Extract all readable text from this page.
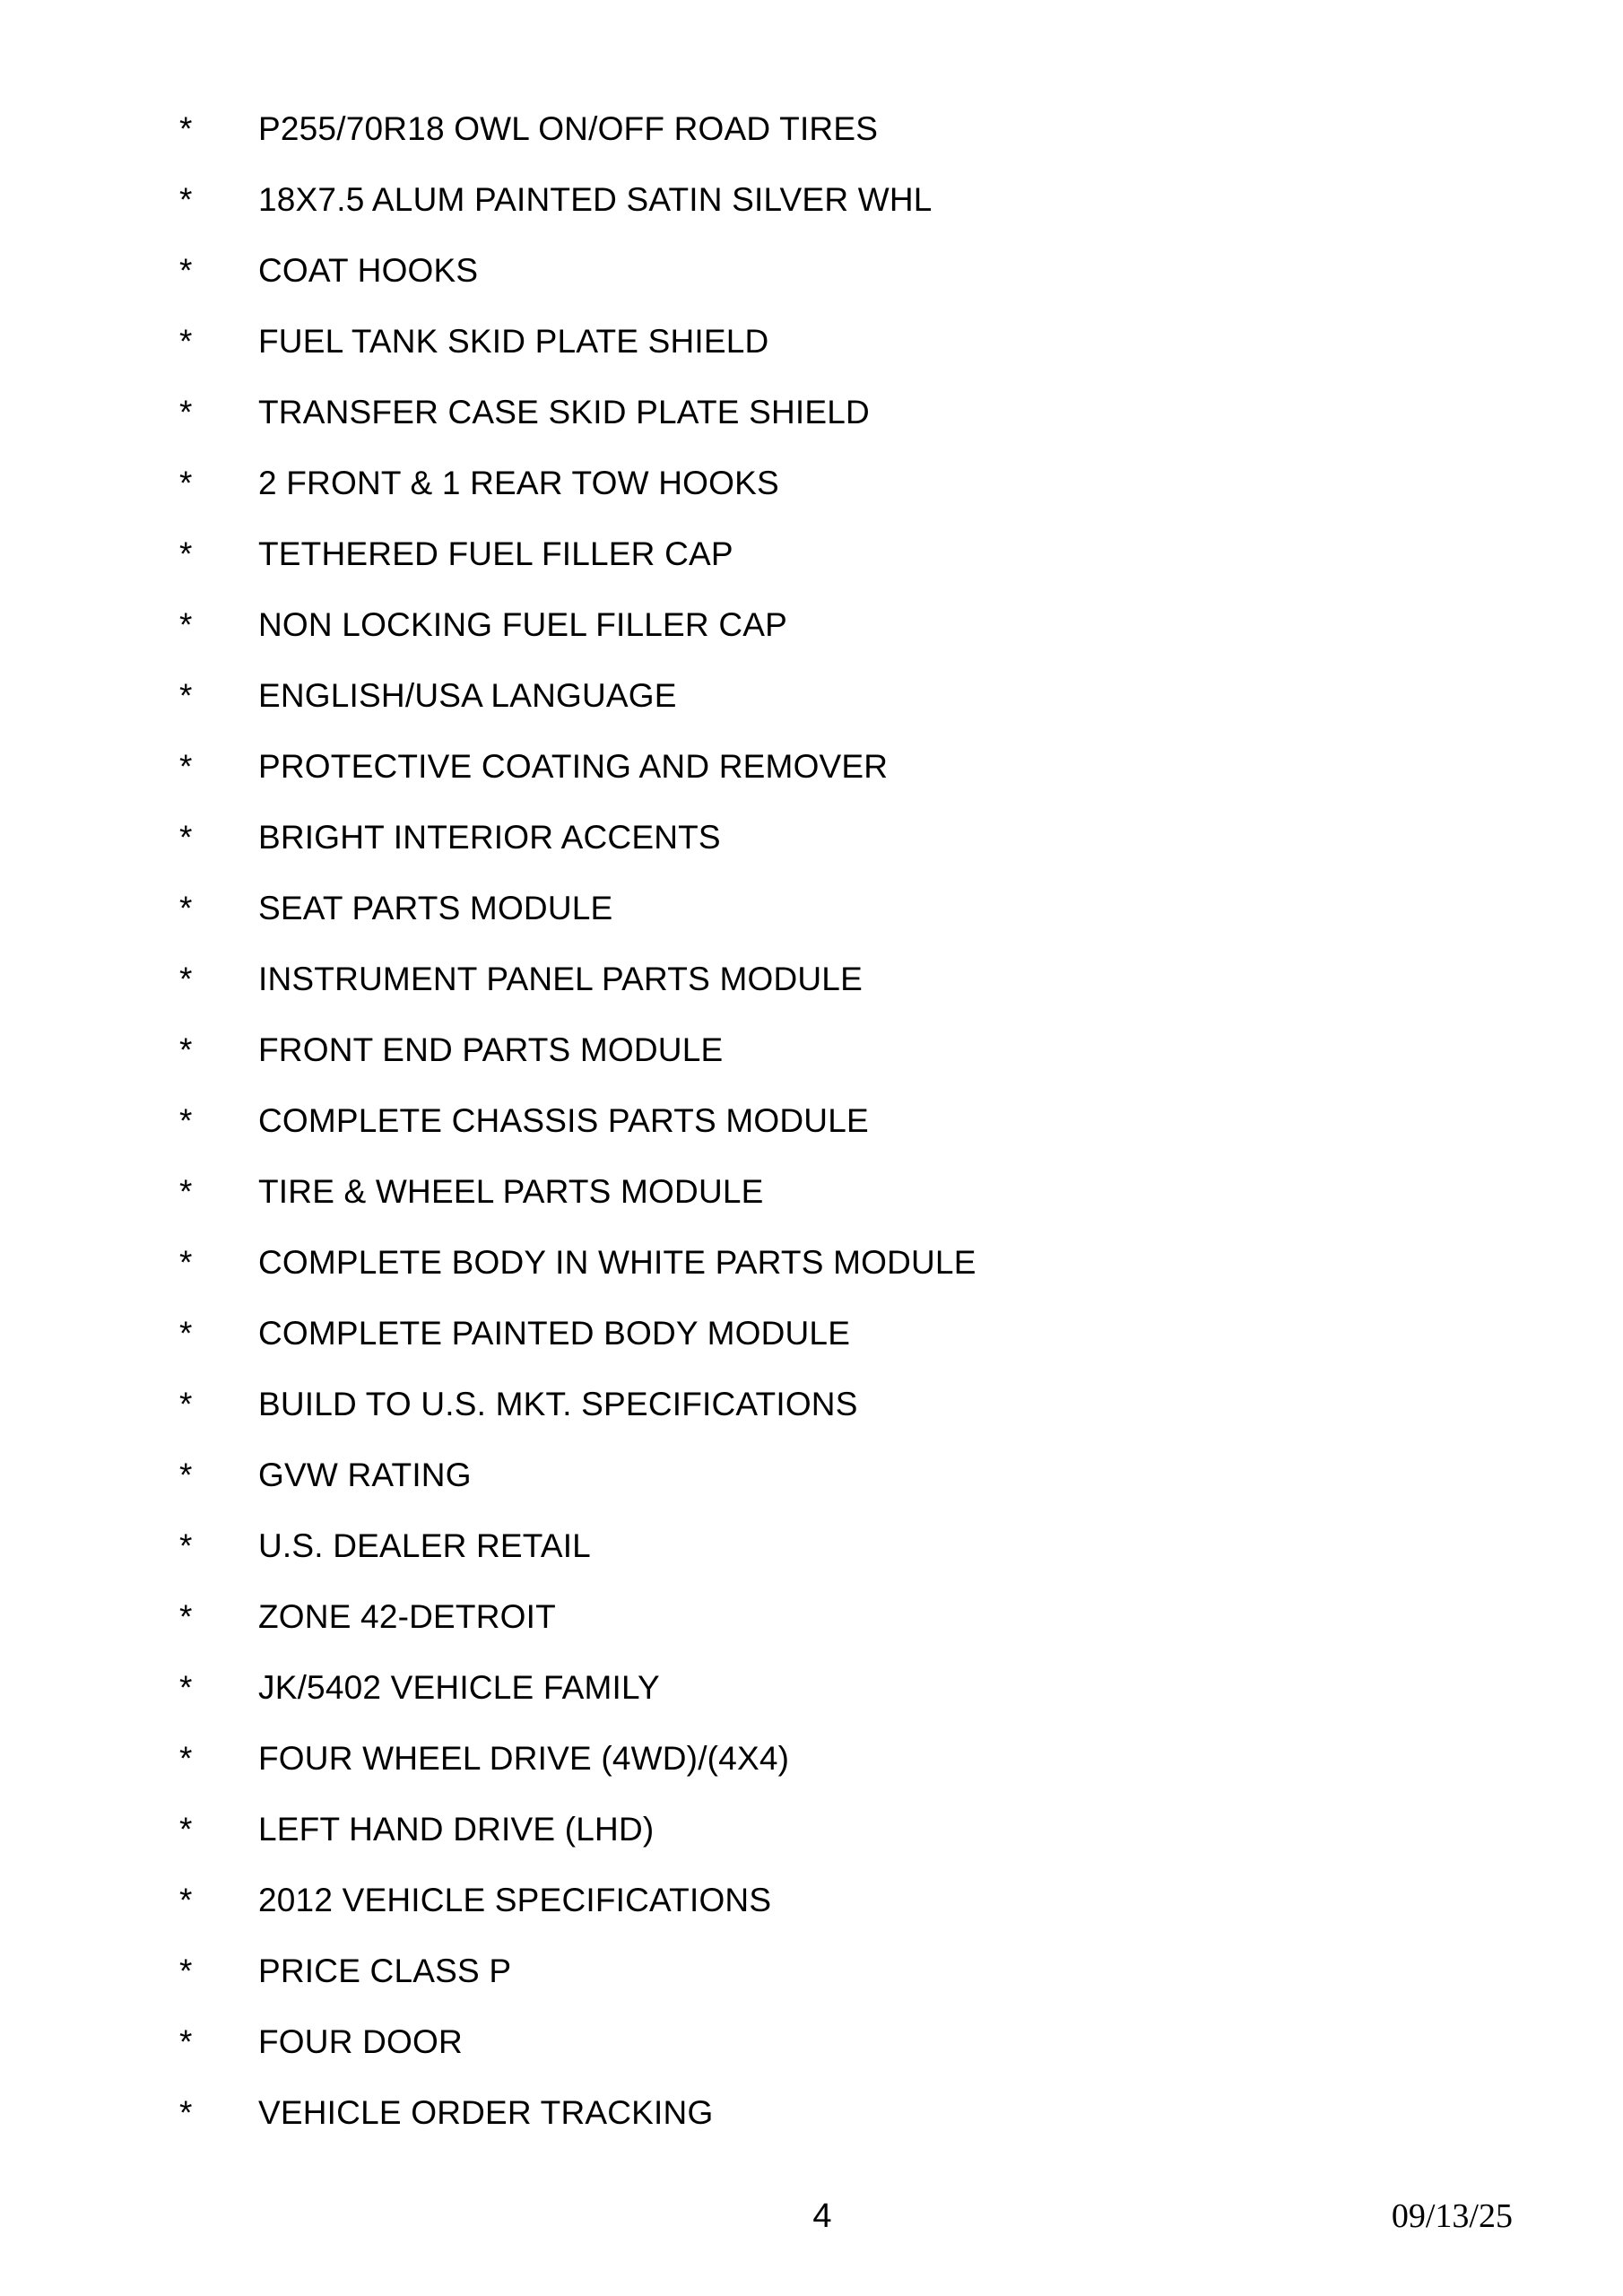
* P255/70R18 OWL ON/OFF ROAD TIRES
* 18X7.5 ALUM PAINTED SATIN SILVER WHL
* COAT HOOKS
* FUEL TANK SKID PLATE SHIELD
* TRANSFER CASE SKID PLATE SHIELD
* 2 FRONT & 1 REAR TOW HOOKS
* TETHERED FUEL FILLER CAP
* NON LOCKING FUEL FILLER CAP
* ENGLISH/USA LANGUAGE
* PROTECTIVE COATING AND REMOVER
* BRIGHT INTERIOR ACCENTS
* SEAT PARTS MODULE
* INSTRUMENT PANEL PARTS MODULE
* FRONT END PARTS MODULE
* COMPLETE CHASSIS PARTS MODULE
* TIRE & WHEEL PARTS MODULE
* COMPLETE BODY IN WHITE PARTS MODULE
* COMPLETE PAINTED BODY MODULE
* BUILD TO U.S. MKT. SPECIFICATIONS
* GVW RATING
* U.S. DEALER RETAIL
* ZONE 42-DETROIT
* JK/5402 VEHICLE FAMILY
* FOUR WHEEL DRIVE (4WD)/(4X4)
* LEFT HAND DRIVE (LHD)
* 2012 VEHICLE SPECIFICATIONS
* PRICE CLASS P
* FOUR DOOR
* VEHICLE ORDER TRACKING
4	09/13/25
